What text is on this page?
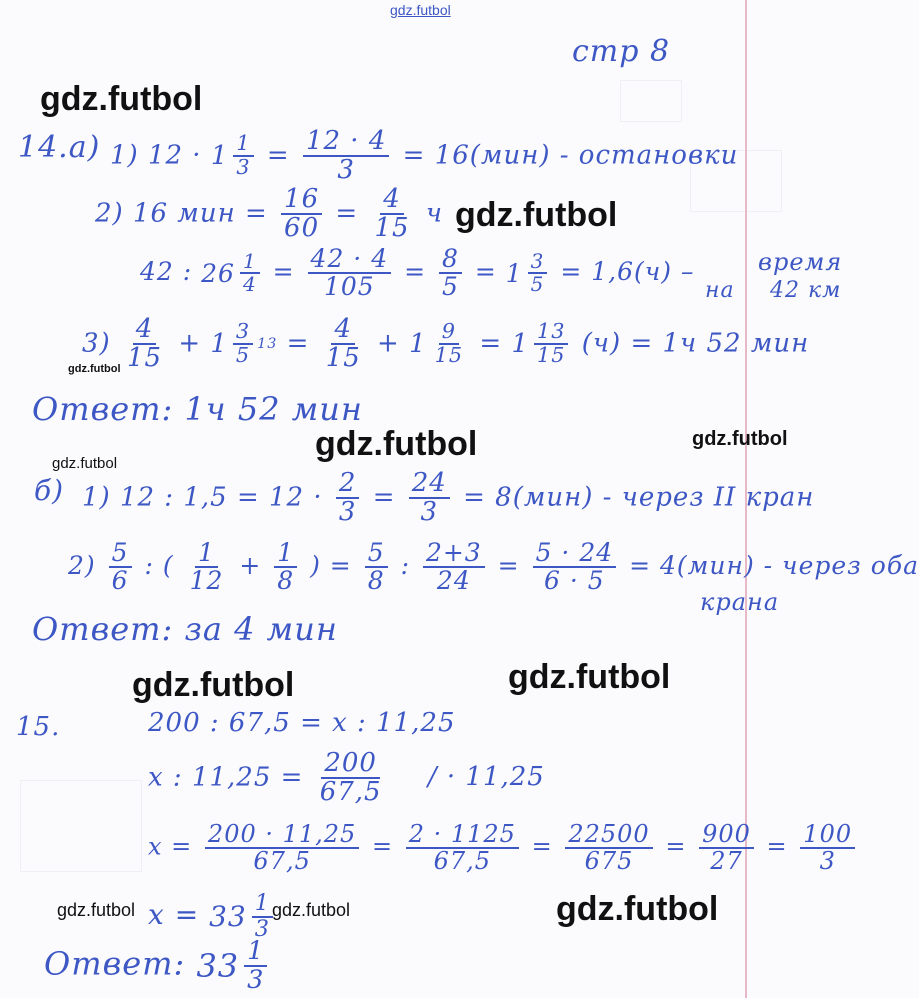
gdz.futbol
gdz.futbol
gdz.futbol
gdz.futbol
gdz.futbol	gdz.futbol
gdz.futbol
gdz.futbol	gdz.futbol
gdz.futbol	gdz.futbol	gdz.futbol
стр 8
14.а) 1) $12 \cdot 1 \frac{1}{3} = \frac{12 \cdot 4}{3} = 16(мин)$ - остановки
2) 16 мин = $\frac{16}{60} = \frac{4}{15}$ ч
42 : $26 \frac{1}{4} = \frac{42 \cdot 4}{105} = \frac{8}{5} = 1 \frac{3}{5} = 1,6(ч)$ –	время
на 42 км
$3) \frac{4}{15} + 1 \frac{3}{5} 13 = \frac{4}{15} + 1 \frac{9}{15} = 1 \frac{13}{15} (ч) = 1ч$ 52 мин
Ответ: 1ч 52 мин
б) 1) 12 : $1,5 = 12 \cdot \frac{2}{3} = \frac{24}{3} = 8(мин)$ - через II кран
$2) \frac{5}{6}$ : ( $\frac{1}{12} + \frac{1}{8}$ ) = $\frac{5}{8}$ : $\frac{2+3}{24} = \frac{5 \cdot 24}{6 \cdot 5} = 4(мин)$ - через оба
крана
Ответ: за 4 мин
15.	200 : 67,5 = x : 11,25
x : $11,25 = \frac{200}{67,5}$ / · 11,25
$x = \frac{200 \cdot 11,25}{67,5} = \frac{2 \cdot 1125}{67,5} = \frac{22500}{675} = \frac{900}{27} = \frac{100}{3}$
$x = 33 \frac{1}{3}$
Ответ: $33 \frac{1}{3}$
